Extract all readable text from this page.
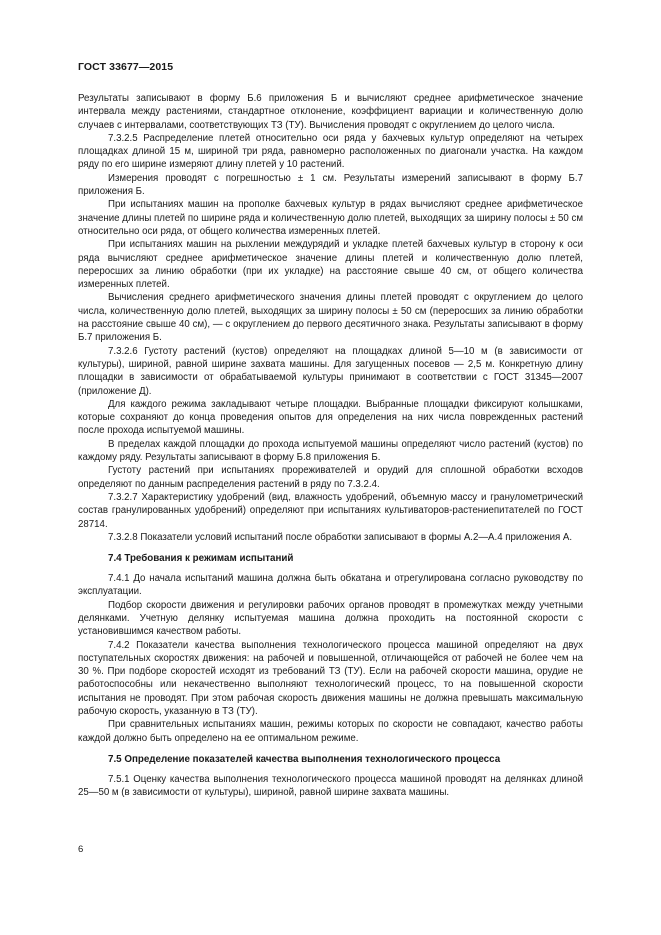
ГОСТ 33677—2015

Результаты записывают в форму Б.6 приложения Б и вычисляют среднее арифметическое значение интервала между растениями, стандартное отклонение, коэффициент вариации и количественную долю случаев с интервалами, соответствующих ТЗ (ТУ). Вычисления проводят с округлением до целого числа.

7.3.2.5 Распределение плетей относительно оси ряда у бахчевых культур определяют на четырех площадках длиной 15 м, шириной три ряда, равномерно расположенных по диагонали участка. На каждом ряду по его ширине измеряют длину плетей у 10 растений.

Измерения проводят с погрешностью ± 1 см. Результаты измерений записывают в форму Б.7 приложения Б.

При испытаниях машин на прополке бахчевых культур в рядах вычисляют среднее арифметическое значение длины плетей по ширине ряда и количественную долю плетей, выходящих за ширину полосы ± 50 см относительно оси ряда, от общего количества измеренных плетей.

При испытаниях машин на рыхлении междурядий и укладке плетей бахчевых культур в сторону к оси ряда вычисляют среднее арифметическое значение длины плетей и количественную долю плетей, переросших за линию обработки (при их укладке) на расстояние свыше 40 см, от общего количества измеренных плетей.

Вычисления среднего арифметического значения длины плетей проводят с округлением до целого числа, количественную долю плетей, выходящих за ширину полосы ± 50 см (переросших за линию обработки на расстояние свыше 40 см), — с округлением до первого десятичного знака. Результаты записывают в форму Б.7 приложения Б.

7.3.2.6 Густоту растений (кустов) определяют на площадках длиной 5—10 м (в зависимости от культуры), шириной, равной ширине захвата машины. Для загущенных посевов — 2,5 м. Конкретную длину площадки в зависимости от обрабатываемой культуры принимают в соответствии с ГОСТ 31345—2007 (приложение Д).

Для каждого режима закладывают четыре площадки. Выбранные площадки фиксируют колышками, которые сохраняют до конца проведения опытов для определения на них числа поврежденных растений после прохода испытуемой машины.

В пределах каждой площадки до прохода испытуемой машины определяют число растений (кустов) по каждому ряду. Результаты записывают в форму Б.8 приложения Б.

Густоту растений при испытаниях прореживателей и орудий для сплошной обработки всходов определяют по данным распределения растений в ряду по 7.3.2.4.

7.3.2.7 Характеристику удобрений (вид, влажность удобрений, объемную массу и гранулометрический состав гранулированных удобрений) определяют при испытаниях культиваторов-растениепитателей по ГОСТ 28714.

7.3.2.8 Показатели условий испытаний после обработки записывают в формы А.2—А.4 приложения А.

7.4 Требования к режимам испытаний

7.4.1 До начала испытаний машина должна быть обкатана и отрегулирована согласно руководству по эксплуатации.

Подбор скорости движения и регулировки рабочих органов проводят в промежутках между учетными делянками. Учетную делянку испытуемая машина должна проходить на постоянной скорости с установившимся качеством работы.

7.4.2 Показатели качества выполнения технологического процесса машиной определяют на двух поступательных скоростях движения: на рабочей и повышенной, отличающейся от рабочей не более чем на 30 %. При подборе скоростей исходят из требований ТЗ (ТУ). Если на рабочей скорости машина, орудие не работоспособны или некачественно выполняют технологический процесс, то на повышенной скорости испытания не проводят. При этом рабочая скорость движения машины не должна превышать максимальную рабочую скорость, указанную в ТЗ (ТУ).

При сравнительных испытаниях машин, режимы которых по скорости не совпадают, качество работы каждой должно быть определено на ее оптимальном режиме.

7.5 Определение показателей качества выполнения технологического процесса

7.5.1 Оценку качества выполнения технологического процесса машиной проводят на делянках длиной 25—50 м (в зависимости от культуры), шириной, равной ширине захвата машины.

6
